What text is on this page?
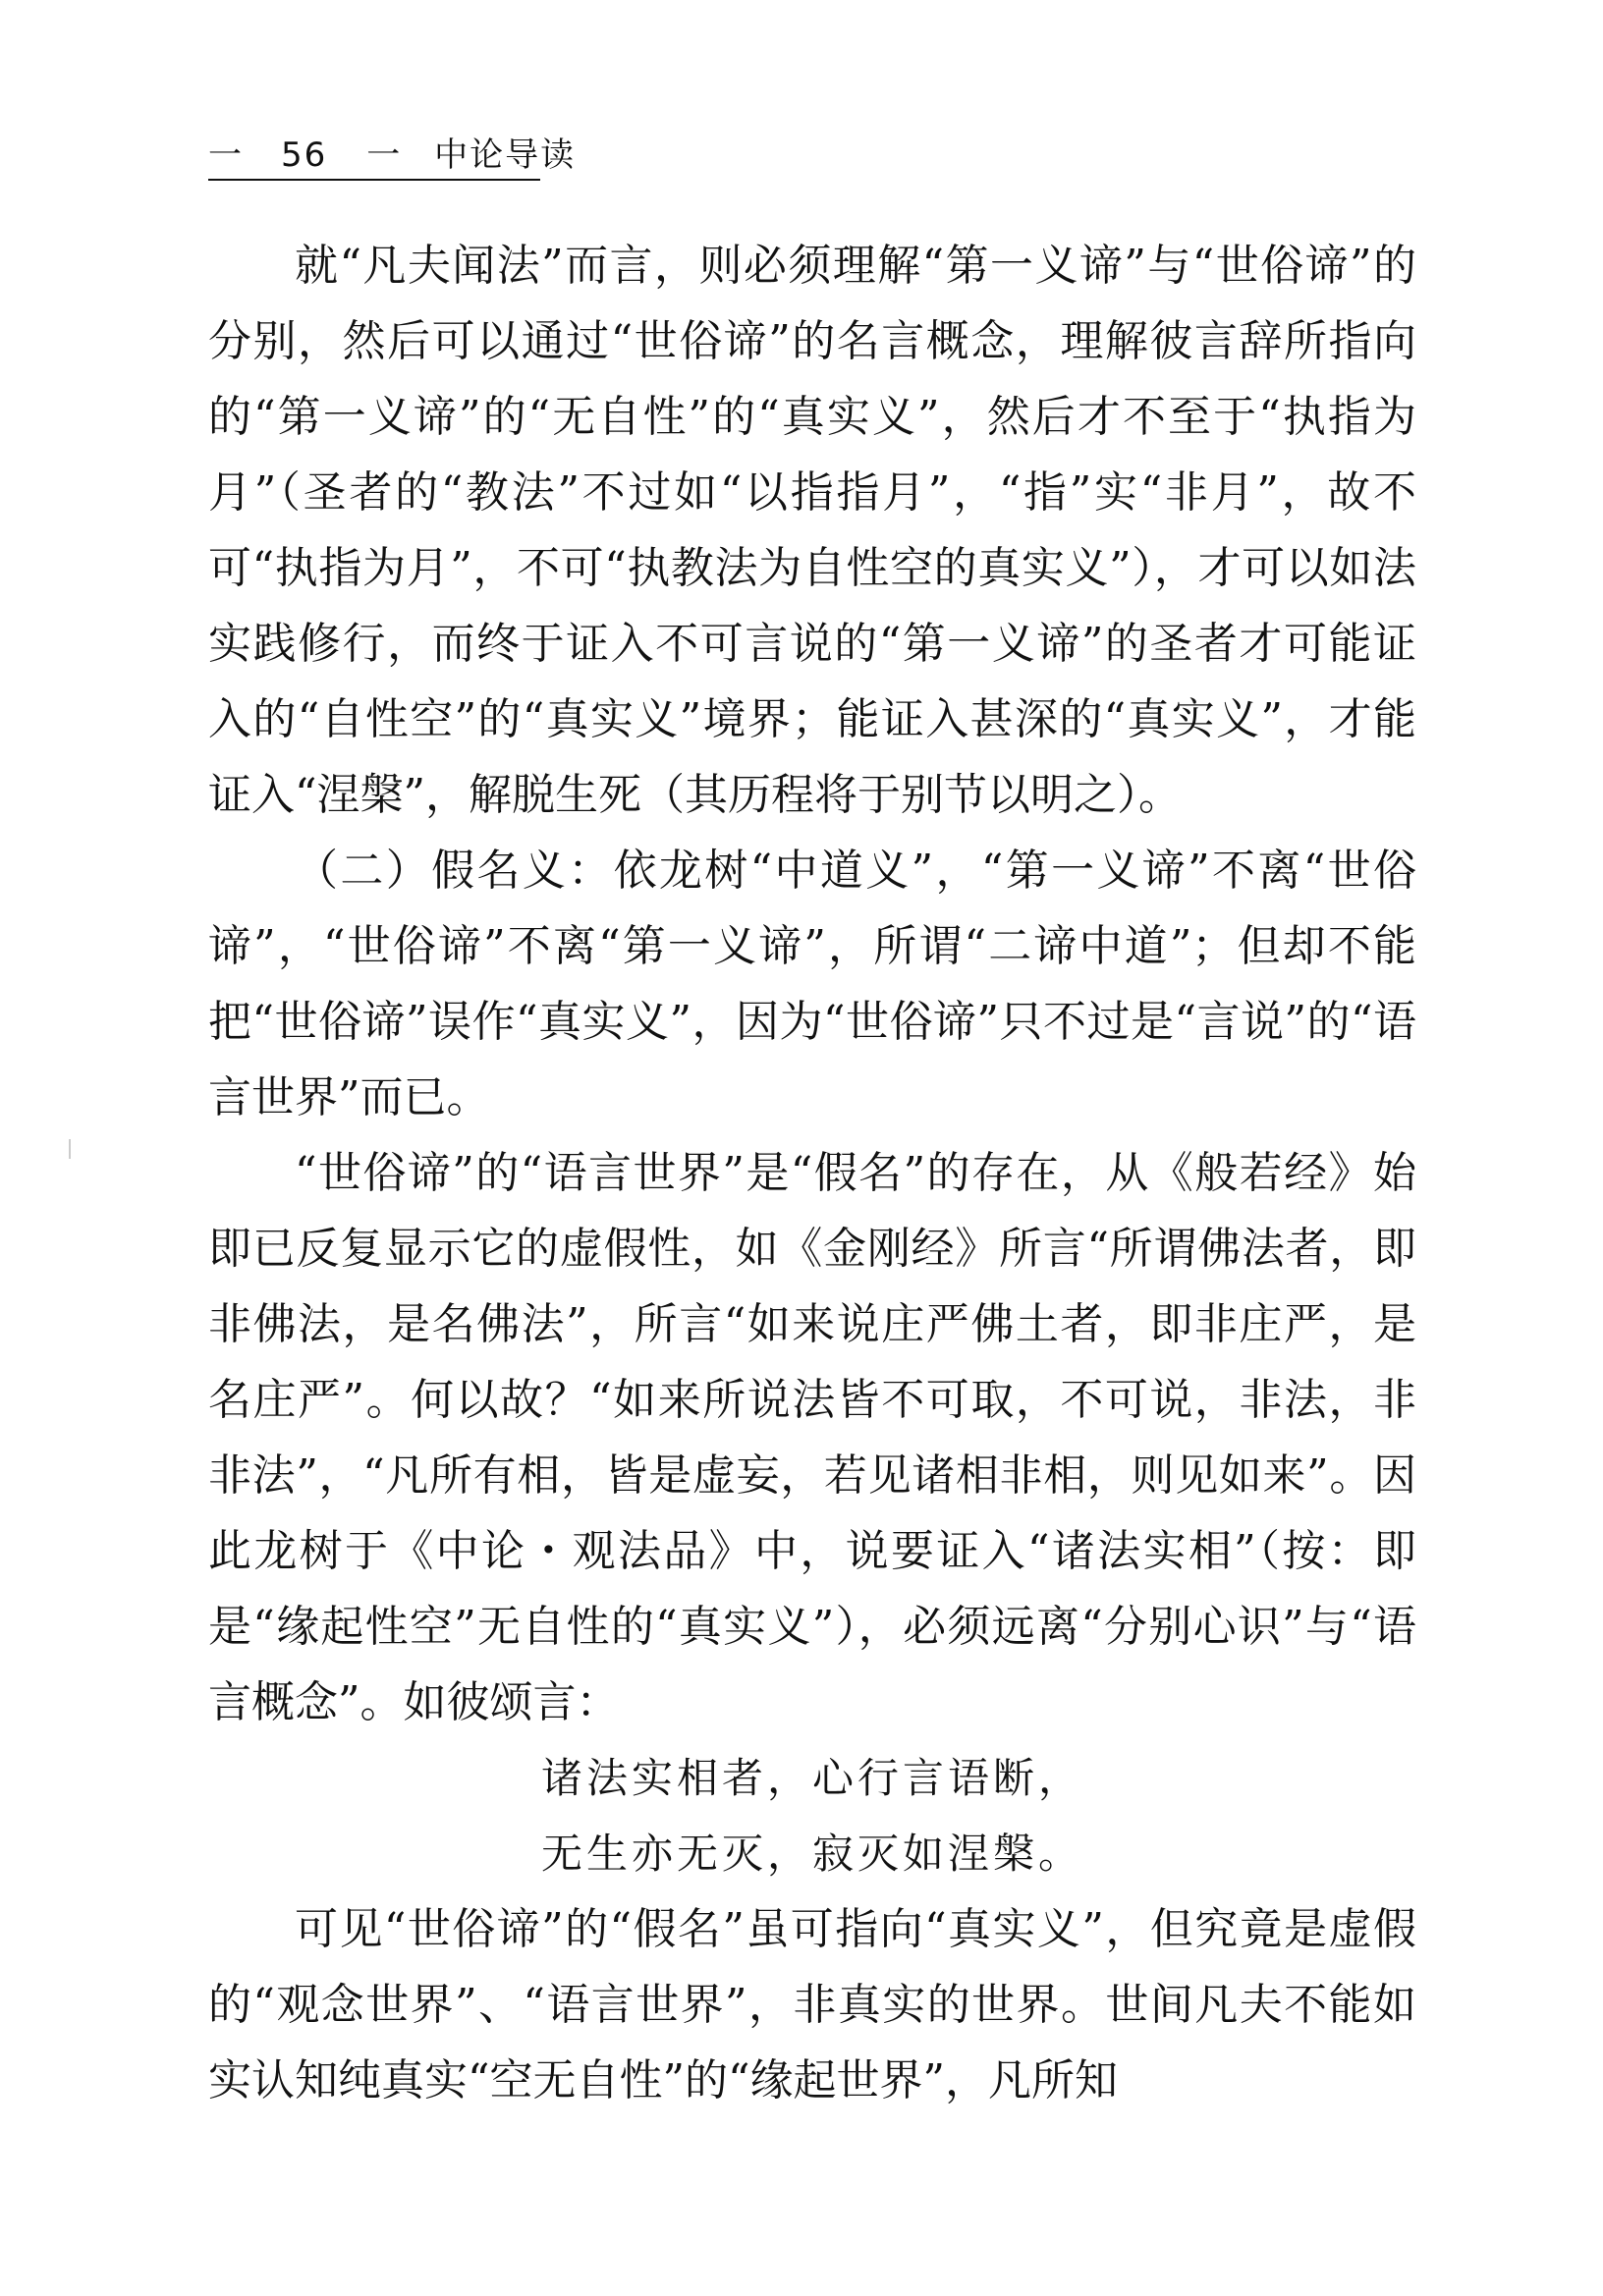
一 56 一 中论导读

就“凡夫闻法”而言，则必须理解“第一义谛”与“世俗谛”的分别，然后可以通过“世俗谛”的名言概念，理解彼言辞所指向的“第一义谛”的“无自性”的“真实义”，然后才不至于“执指为月”（圣者的“教法”不过如“以指指月”，“指”实“非月”，故不可“执指为月”，不可“执教法为自性空的真实义”），才可以如法实践修行，而终于证入不可言说的“第一义谛”的圣者才可能证入的“自性空”的“真实义”境界；能证入甚深的“真实义”，才能证入“涅槃”，解脱生死（其历程将于别节以明之）。

（二）假名义：依龙树“中道义”，“第一义谛”不离“世俗谛”，“世俗谛”不离“第一义谛”，所谓“二谛中道”；但却不能把“世俗谛”误作“真实义”，因为“世俗谛”只不过是“言说”的“语言世界”而已。

“世俗谛”的“语言世界”是“假名”的存在，从《般若经》始即已反复显示它的虚假性，如《金刚经》所言“所谓佛法者，即非佛法，是名佛法”，所言“如来说庄严佛土者，即非庄严，是名庄严”。何以故？“如来所说法皆不可取，不可说，非法，非非法”，“凡所有相，皆是虚妄，若见诸相非相，则见如来”。因此龙树于《中论・观法品》中，说要证入“诸法实相”（按：即是“缘起性空”无自性的“真实义”），必须远离“分别心识”与“语言概念”。如彼颂言：

诸法实相者，心行言语断，

无生亦无灭，寂灭如涅槃。

可见“世俗谛”的“假名”虽可指向“真实义”，但究竟是虚假的“观念世界”、“语言世界”，非真实的世界。世间凡夫不能如实认知纯真实“空无自性”的“缘起世界”，凡所知
